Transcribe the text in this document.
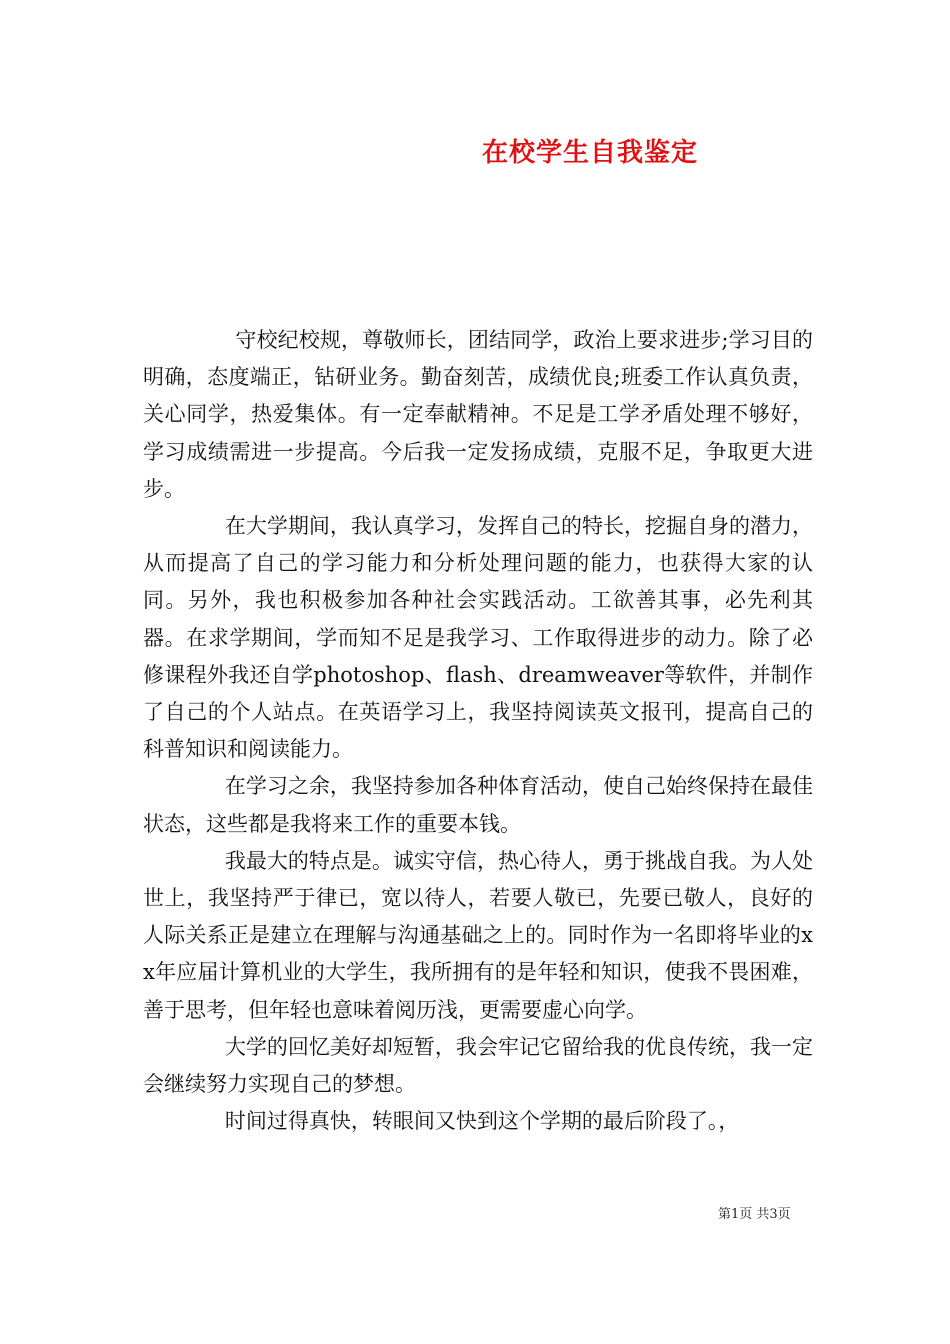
在校学生自我鉴定

守校纪校规，尊敬师长，团结同学，政治上要求进步;学习目的明确，态度端正，钻研业务。勤奋刻苦，成绩优良;班委工作认真负责，关心同学，热爱集体。有一定奉献精神。不足是工学矛盾处理不够好，学习成绩需进一步提高。今后我一定发扬成绩，克服不足，争取更大进步。

在大学期间，我认真学习，发挥自己的特长，挖掘自身的潜力，从而提高了自己的学习能力和分析处理问题的能力，也获得大家的认同。另外，我也积极参加各种社会实践活动。工欲善其事，必先利其器。在求学期间，学而知不足是我学习、工作取得进步的动力。除了必修课程外我还自学photoshop、flash、dreamweaver等软件，并制作了自己的个人站点。在英语学习上，我坚持阅读英文报刊，提高自己的科普知识和阅读能力。

在学习之余，我坚持参加各种体育活动，使自己始终保持在最佳状态，这些都是我将来工作的重要本钱。

我最大的特点是。诚实守信，热心待人，勇于挑战自我。为人处世上，我坚持严于律已，宽以待人，若要人敬已，先要已敬人，良好的人际关系正是建立在理解与沟通基础之上的。同时作为一名即将毕业的xx年应届计算机业的大学生，我所拥有的是年轻和知识，使我不畏困难，善于思考，但年轻也意味着阅历浅，更需要虚心向学。

大学的回忆美好却短暂，我会牢记它留给我的优良传统，我一定会继续努力实现自己的梦想。

时间过得真快，转眼间又快到这个学期的最后阶段了。，

第1页 共3页
